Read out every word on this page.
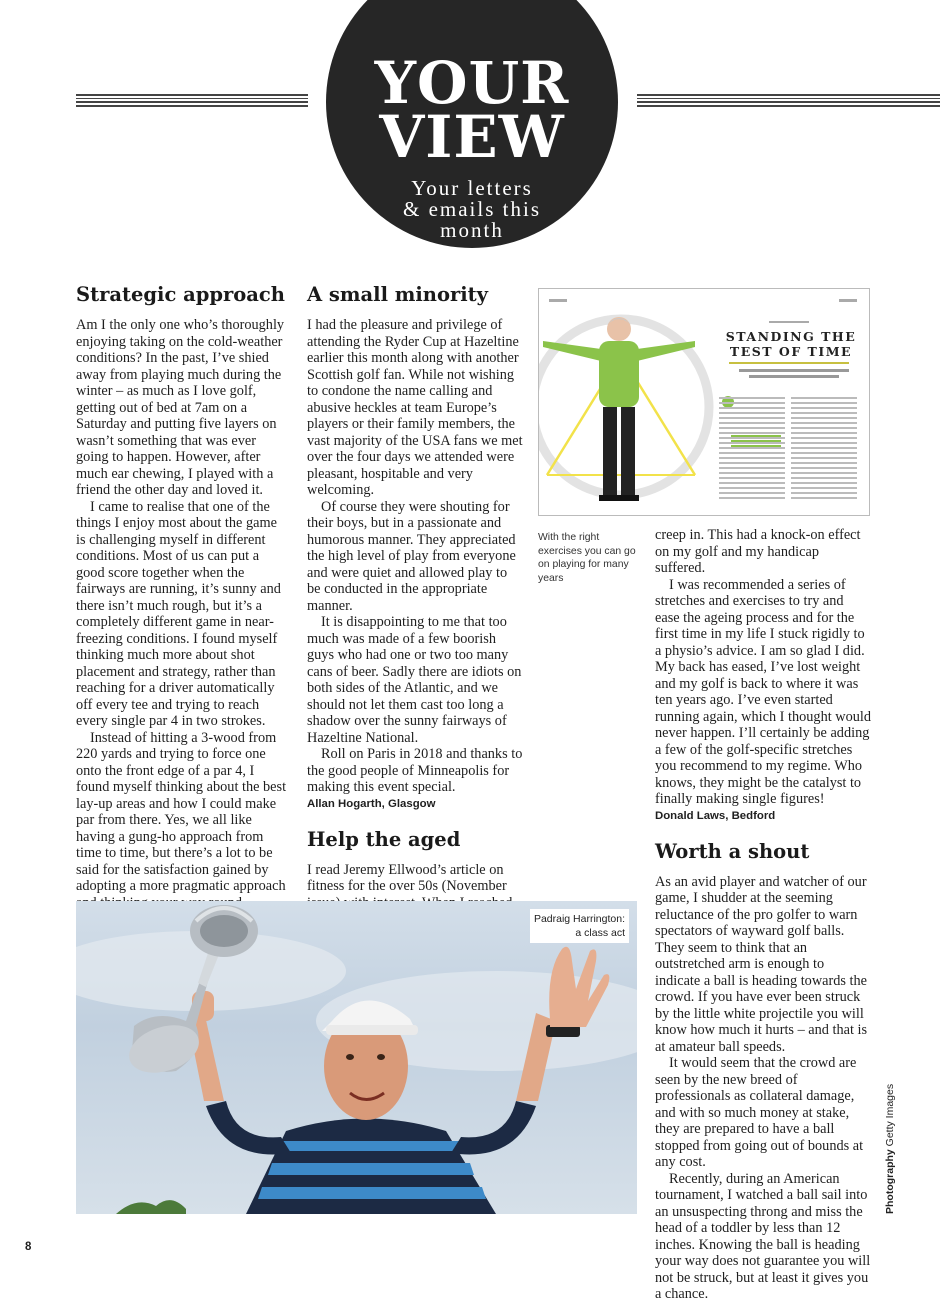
YOUR
VIEW
Your letters
& emails this
month
Strategic approach

Am I the only one who’s thoroughly enjoying taking on the cold-weather conditions? In the past, I’ve shied away from playing much during the winter – as much as I love golf, getting out of bed at 7am on a Saturday and putting five layers on wasn’t something that was ever going to happen. However, after much ear chewing, I played with a friend the other day and loved it.

I came to realise that one of the things I enjoy most about the game is challenging myself in different conditions. Most of us can put a good score together when the fairways are running, it’s sunny and there isn’t much rough, but it’s a completely different game in near-freezing conditions. I found myself thinking much more about shot placement and strategy, rather than reaching for a driver automatically off every tee and trying to reach every single par 4 in two strokes.

Instead of hitting a 3-wood from 220 yards and trying to force one onto the front edge of a par 4, I found myself thinking about the best lay-up areas and how I could make par from there. Yes, we all like having a gung-ho approach from time to time, but there’s a lot to be said for the satisfaction gained by adopting a more pragmatic approach

A small minority

I had the pleasure and privilege of attending the Ryder Cup at Hazeltine earlier this month along with another Scottish golf fan. While not wishing to condone the name calling and abusive heckles at team Europe’s players or their family members, the vast majority of the USA fans we met over the four days we attended were pleasant, hospitable and very welcoming.

Of course they were shouting for their boys, but in a passionate and humorous manner. They appreciated the high level of play from everyone and were quiet and allowed play to be conducted in the appropriate manner.

It is disappointing to me that too much was made of a few boorish guys who had one or two too many cans of beer. Sadly there are idiots on both sides of the Atlantic, and we should not let them cast too long a shadow over the sunny fairways of Hazeltine National.

Roll on Paris in 2018 and thanks to the good people of Minneapolis for making this event special.

Allan Hogarth, Glasgow
Help the aged

I read Jeremy Ellwood’s article on fitness for the over 50s (November

STANDING THE
TEST OF TIME
With the right exercises you can go on playing for many years

creep in. This had a knock-on effect on my golf and my handicap suffered.

I was recommended a series of stretches and exercises to try and ease the ageing process and for the first time in my life I stuck rigidly to a physio’s advice. I am so glad I did. My back has eased, I’ve lost weight and my golf is back to where it was ten years ago. I’ve even started running again, which I thought would never happen. I’ll certainly be adding a few of the golf-specific stretches you recommend to my regime. Who knows, they might be the catalyst to finally making single figures!

Donald Laws, Bedford
Worth a shout

As an avid player and watcher of our game, I shudder at the seeming reluctance of the pro golfer to warn spectators of wayward golf balls. They seem to think that an outstretched arm is enough to indicate a ball is heading towards the crowd. If you have ever been struck by the little white projectile you will know how much it hurts – and that is at amateur ball speeds.

It would seem that the crowd are seen by the new breed of professionals as collateral damage, and with so much money at stake, they are prepared to have a ball stopped from going out of bounds at any cost.

Recently, during an American tournament, I watched a ball sail into an unsuspecting throng and miss the head of a toddler by less than 12 inches. Knowing the ball is heading your way does not guarantee you will not be struck, but at least it gives you a chance.

Padraig Harrington:
a class act
Photography Getty Images
8
